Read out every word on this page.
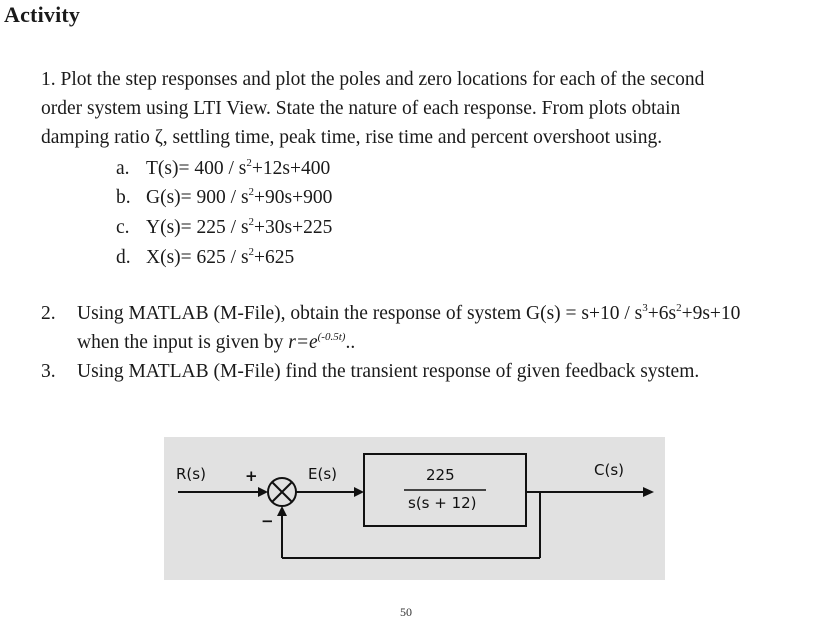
Activity
1. Plot the step responses and plot the poles and zero locations for each of the second
order system using LTI View. State the nature of each response. From plots obtain
damping ratio ζ, settling time, peak time, rise time and percent overshoot using.
a. $T(s)= 400 / s^2+12s+400$
b. $G(s)= 900 / s^2+90s+900$
c. $Y(s)= 225 / s^2+30s+225$
d. $X(s)= 625 / s^2+625$
2. Using MATLAB (M-File), obtain the response of system $G(s) = s+10 / s^3+6s^2+9s+10$
when the input is given by $r=e^{(-0.5t)}$..
3. Using MATLAB (M-File) find the transient response of given feedback system.
R(s)	+
−
E(s)	225
s(s + 12)
C(s)
50
